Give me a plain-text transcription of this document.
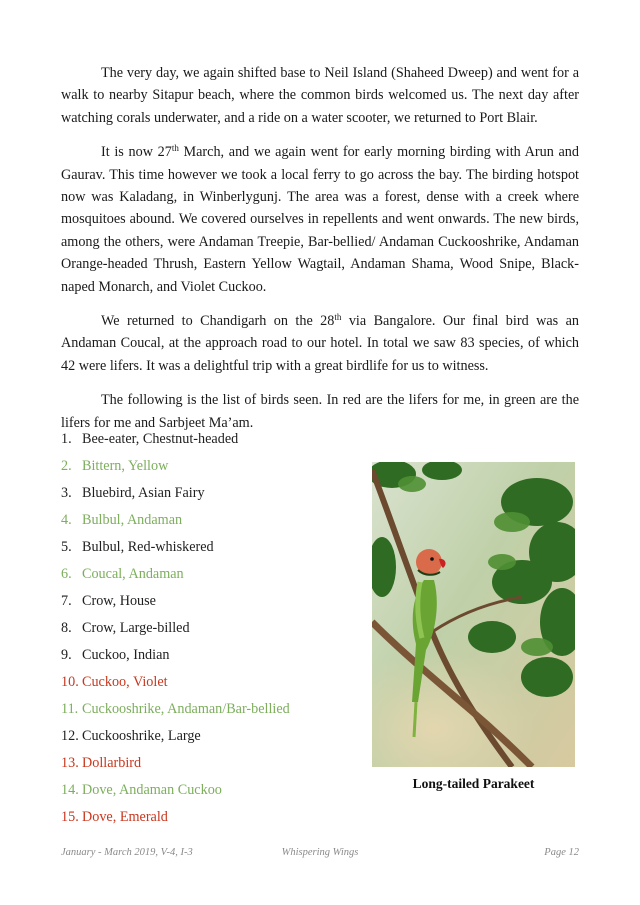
The very day, we again shifted base to Neil Island (Shaheed Dweep) and went for a walk to nearby Sitapur beach, where the common birds welcomed us. The next day after watching corals underwater, and a ride on a water scooter, we returned to Port Blair.

It is now 27th March, and we again went for early morning birding with Arun and Gaurav. This time however we took a local ferry to go across the bay. The birding hotspot now was Kaladang, in Winberlygunj. The area was a forest, dense with a creek where mosquitoes abound. We covered ourselves in repellents and went onwards. The new birds, among the others, were Andaman Treepie, Bar-bellied/ Andaman Cuckooshrike, Andaman Orange-headed Thrush, Eastern Yellow Wagtail, Andaman Shama, Wood Snipe, Black-naped Monarch, and Violet Cuckoo.

We returned to Chandigarh on the 28th via Bangalore. Our final bird was an Andaman Coucal, at the approach road to our hotel. In total we saw 83 species, of which 42 were lifers. It was a delightful trip with a great birdlife for us to witness.

The following is the list of birds seen. In red are the lifers for me, in green are the lifers for me and Sarbjeet Ma’am.

1. Bee-eater, Chestnut-headed
2. Bittern, Yellow
3. Bluebird, Asian Fairy
4. Bulbul, Andaman
5. Bulbul, Red-whiskered
6. Coucal, Andaman
7. Crow, House
8. Crow, Large-billed
9. Cuckoo, Indian
10. Cuckoo, Violet
11. Cuckooshrike, Andaman/Bar-bellied
12. Cuckooshrike, Large
13. Dollarbird
14. Dove, Andaman Cuckoo
15. Dove, Emerald
Long-tailed Parakeet
January - March 2019, V-4, I-3	Whispering Wings	Page 12
